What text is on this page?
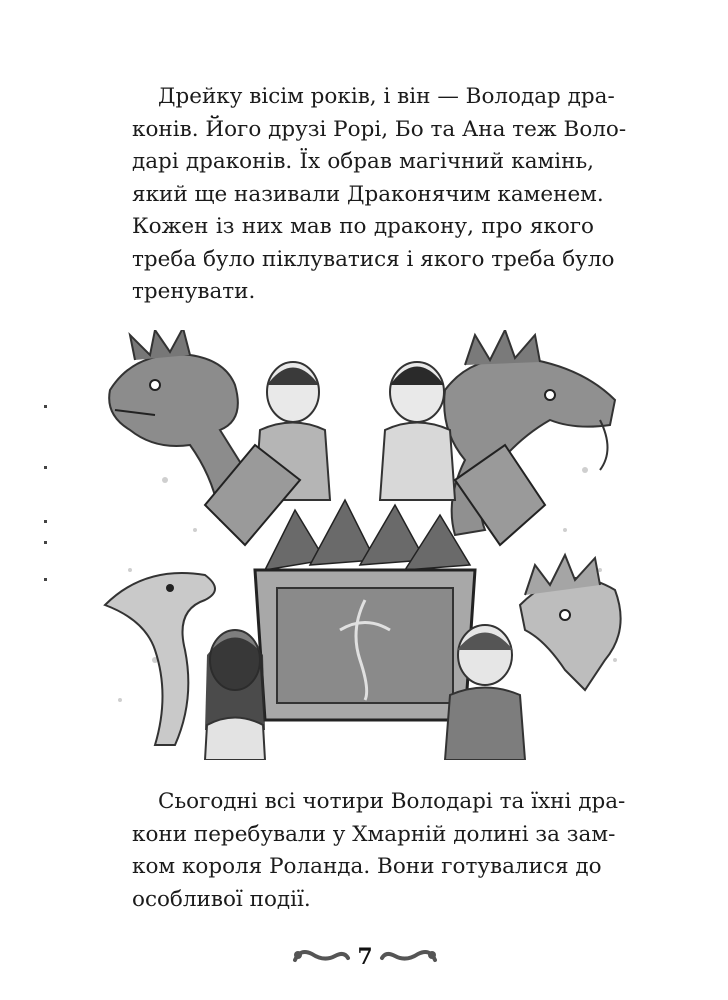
Дрейку вісім років, і він — Володар дра-
конів. Його друзі Рорі, Бо та Ана теж Воло-
дарі драконів. Їх обрав магічний камінь,
який ще називали Драконячим каменем.
Кожен із них мав по дракону, про якого
треба було піклуватися і якого треба було
тренувати.
Сьогодні всі чотири Володарі та їхні дра-
кони перебували у Хмарній долині за зам-
ком короля Роланда. Вони готувалися до
особливої події.
7
